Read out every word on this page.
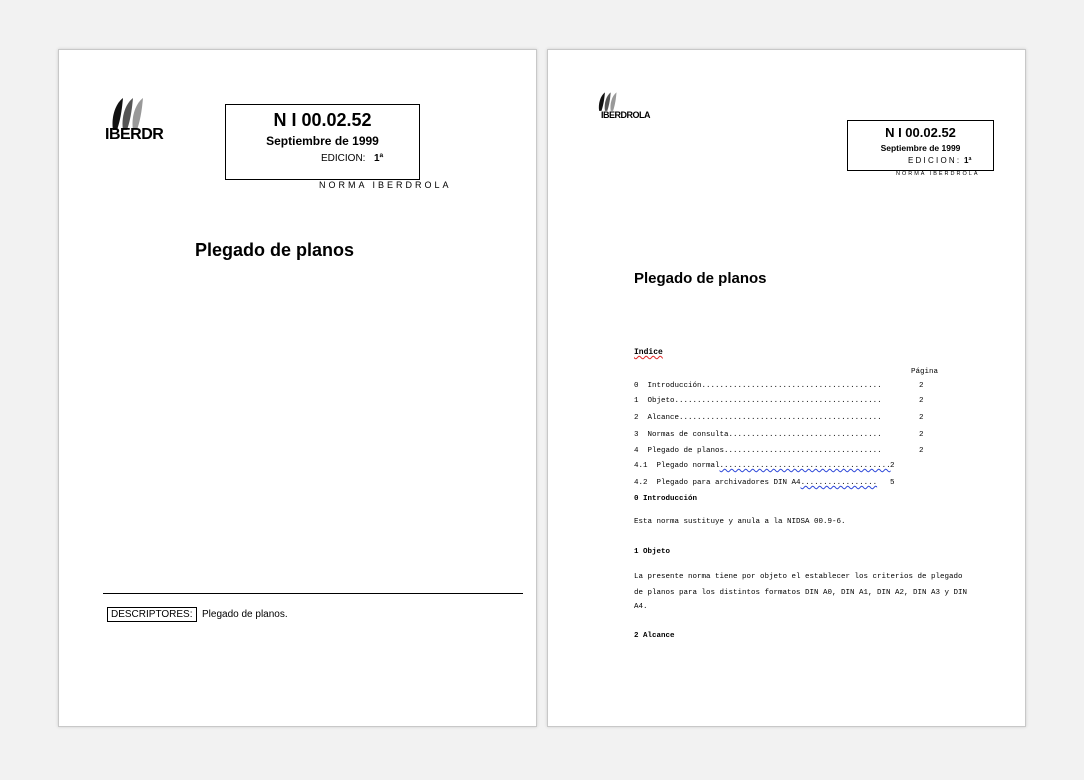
IBERDR
N I 00.02.52
Septiembre de 1999
EDICION: 1ª
NORMA IBERDROLA
Plegado de planos
DESCRIPTORES: Plegado de planos.
IBERDROLA
N I 00.02.52
Septiembre de 1999
E D I C I O N : 1ª
NORMA IBERDROLA
Plegado de planos
Indice
Página
0 Introducción........................................	2
1 Objeto..............................................	2
2 Alcance.............................................	2
3 Normas de consulta..................................	2
4 Plegado de planos...................................	2
4.1 Plegado normal...................................... 2
4.2 Plegado para archivadores DIN A4................. 5
0 Introducción
Esta norma sustituye y anula a la NIDSA 00.9-6.
1 Objeto
La presente norma tiene por objeto el establecer los criterios de plegado
de planos para los distintos formatos DIN A0, DIN A1, DIN A2, DIN A3 y DIN
A4.
2 Alcance
